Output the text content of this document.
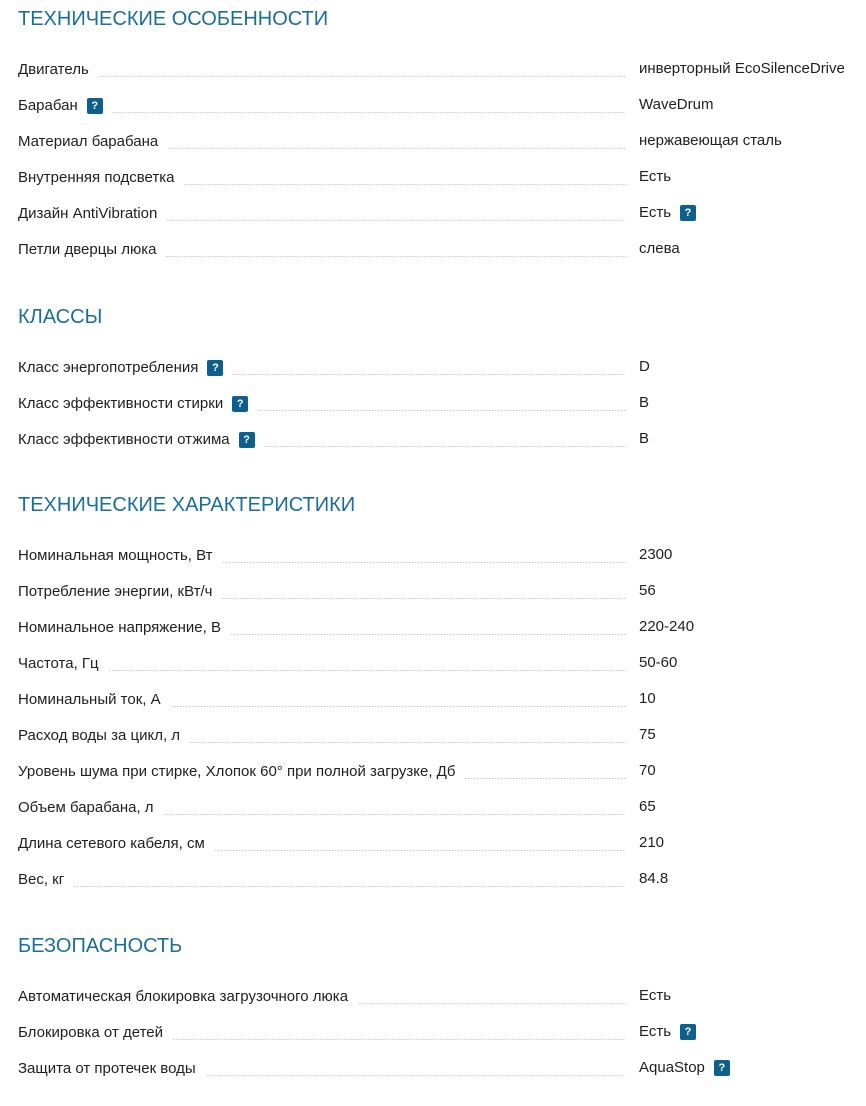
ТЕХНИЧЕСКИЕ ОСОБЕННОСТИ
Двигатель	инверторный EcoSilenceDrive
Барабан	?	WaveDrum
Материал барабана	нержавеющая сталь
Внутренняя подсветка	Есть
Дизайн AntiVibration	Есть	?
Петли дверцы люка	слева
КЛАССЫ
Класс энергопотребления	?	D
Класс эффективности стирки	?	B
Класс эффективности отжима	?	B
ТЕХНИЧЕСКИЕ ХАРАКТЕРИСТИКИ
Номинальная мощность, Вт	2300
Потребление энергии, кВт/ч	56
Номинальное напряжение, В	220-240
Частота, Гц	50-60
Номинальный ток, А	10
Расход воды за цикл, л	75
Уровень шума при стирке, Хлопок 60° при полной загрузке, Дб	70
Объем барабана, л	65
Длина сетевого кабеля, см	210
Вес, кг	84.8
БЕЗОПАСНОСТЬ
Автоматическая блокировка загрузочного люка	Есть
Блокировка от детей	Есть	?
Защита от протечек воды	AquaStop	?
